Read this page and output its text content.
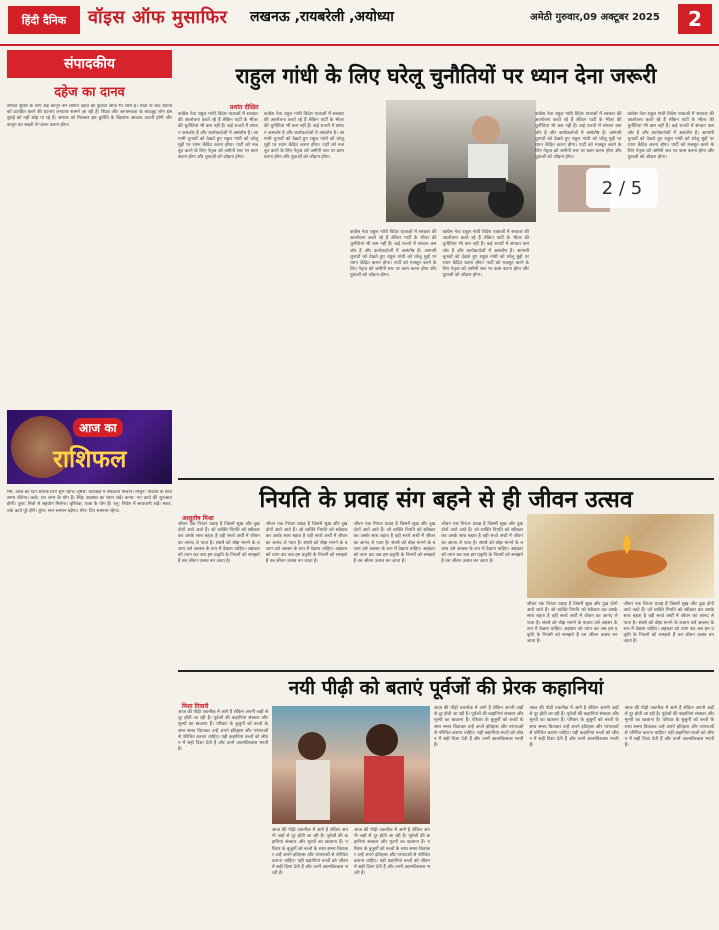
हिंदी दैनिक	वॉइस ऑफ मुसाफिर लखनऊ ,रायबरेली ,अयोध्या	अमेठी गुरुवार,09 अक्टूबर 2025	2
संपादकीय
दहेज का दानव
समाज सुधार के लिए कई कानून बने लेकिन दहेज की कुप्रथा आज भी जारी है। शादी के बाद बेटियों को प्रताड़ित करने की घटनाएं लगातार सामने आ रही हैं। शिक्षा और जागरूकता के बावजूद लोग इस बुराई को नहीं छोड़ पा रहे हैं। समाज को मिलकर इस कुरीति के खिलाफ आवाज उठानी होगी और कानून का सख्ती से पालन करना होगा।
आज का
राशिफल
मेष: आज का दिन आपके लिए शुभ रहेगा। वृषभ: कार्यक्षेत्र में सफलता मिलेगी। मिथुन: परिवार के साथ समय बीतेगा। कर्क: धन लाभ के योग हैं। सिंह: स्वास्थ्य का ध्यान रखें। कन्या: नए कार्य की शुरुआत होगी। तुला: मित्रों से सहयोग मिलेगा। वृश्चिक: यात्रा के योग हैं। धनु: निवेश में सावधानी रखें। मकर: रुके कार्य पूरे होंगे। कुंभ: मान सम्मान बढ़ेगा। मीन: दिन सामान्य रहेगा।
राहुल गांधी के लिए घरेलू चुनौतियों पर ध्यान देना जरूरी
प्रशांत दीक्षित
कांग्रेस नेता राहुल गांधी विदेश यात्राओं में सरकार की आलोचना करते रहे हैं लेकिन पार्टी के भीतर की चुनौतियां भी कम नहीं हैं। कई राज्यों में संगठन कमजोर है और कार्यकर्ताओं में असंतोष है। आगामी चुनावों को देखते हुए राहुल गांधी को घरेलू मुद्दों पर ध्यान केंद्रित करना होगा। पार्टी को मजबूत करने के लिए नेतृत्व को जमीनी स्तर पर काम करना होगा और युवाओं को जोड़ना होगा।
कांग्रेस नेता राहुल गांधी विदेश यात्राओं में सरकार की आलोचना करते रहे हैं लेकिन पार्टी के भीतर की चुनौतियां भी कम नहीं हैं। कई राज्यों में संगठन कमजोर है और कार्यकर्ताओं में असंतोष है। आगामी चुनावों को देखते हुए राहुल गांधी को घरेलू मुद्दों पर ध्यान केंद्रित करना होगा। पार्टी को मजबूत करने के लिए नेतृत्व को जमीनी स्तर पर काम करना होगा और युवाओं को जोड़ना होगा।
कांग्रेस नेता राहुल गांधी विदेश यात्राओं में सरकार की आलोचना करते रहे हैं लेकिन पार्टी के भीतर की चुनौतियां भी कम नहीं हैं। कई राज्यों में संगठन कमजोर है और कार्यकर्ताओं में असंतोष है। आगामी चुनावों को देखते हुए राहुल गांधी को घरेलू मुद्दों पर ध्यान केंद्रित करना होगा। पार्टी को मजबूत करने के लिए नेतृत्व को जमीनी स्तर पर काम करना होगा और युवाओं को जोड़ना होगा।
कांग्रेस नेता राहुल गांधी विदेश यात्राओं में सरकार की आलोचना करते रहे हैं लेकिन पार्टी के भीतर की चुनौतियां भी कम नहीं हैं। कई राज्यों में संगठन कमजोर है और कार्यकर्ताओं में असंतोष है। आगामी चुनावों को देखते हुए राहुल गांधी को घरेलू मुद्दों पर ध्यान केंद्रित करना होगा। पार्टी को मजबूत करने के लिए नेतृत्व को जमीनी स्तर पर काम करना होगा और युवाओं को जोड़ना होगा।
कांग्रेस नेता राहुल गांधी विदेश यात्राओं में सरकार की आलोचना करते रहे हैं लेकिन पार्टी के भीतर की चुनौतियां भी कम नहीं हैं। कई राज्यों में संगठन कमजोर है और कार्यकर्ताओं में असंतोष है। आगामी चुनावों को देखते हुए राहुल गांधी को घरेलू मुद्दों पर ध्यान केंद्रित करना होगा। पार्टी को मजबूत करने के लिए नेतृत्व को जमीनी स्तर पर काम करना होगा और युवाओं को जोड़ना होगा।
कांग्रेस नेता राहुल गांधी विदेश यात्राओं में सरकार की आलोचना करते रहे हैं लेकिन पार्टी के भीतर की चुनौतियां भी कम नहीं हैं। कई राज्यों में संगठन कमजोर है और कार्यकर्ताओं में असंतोष है। आगामी चुनावों को देखते हुए राहुल गांधी को घरेलू मुद्दों पर ध्यान केंद्रित करना होगा। पार्टी को मजबूत करने के लिए नेतृत्व को जमीनी स्तर पर काम करना होगा और युवाओं को जोड़ना होगा।
2 / 5
नियति के प्रवाह संग बहने से ही जीवन उत्सव
आशुतोष मिश्रा
जीवन एक निरंतर प्रवाह है जिसमें सुख और दुख दोनों आते जाते हैं। जो व्यक्ति नियति को स्वीकार कर उसके साथ बहता है वही सच्चे अर्थों में जीवन का आनंद ले पाता है। संघर्ष को बोझ मानने के बजाय उसे अवसर के रूप में देखना चाहिए। अहंकार को त्याग कर जब हम प्रकृति के नियमों को समझते हैं तब जीवन उत्सव बन जाता है।
जीवन एक निरंतर प्रवाह है जिसमें सुख और दुख दोनों आते जाते हैं। जो व्यक्ति नियति को स्वीकार कर उसके साथ बहता है वही सच्चे अर्थों में जीवन का आनंद ले पाता है। संघर्ष को बोझ मानने के बजाय उसे अवसर के रूप में देखना चाहिए। अहंकार को त्याग कर जब हम प्रकृति के नियमों को समझते हैं तब जीवन उत्सव बन जाता है।
जीवन एक निरंतर प्रवाह है जिसमें सुख और दुख दोनों आते जाते हैं। जो व्यक्ति नियति को स्वीकार कर उसके साथ बहता है वही सच्चे अर्थों में जीवन का आनंद ले पाता है। संघर्ष को बोझ मानने के बजाय उसे अवसर के रूप में देखना चाहिए। अहंकार को त्याग कर जब हम प्रकृति के नियमों को समझते हैं तब जीवन उत्सव बन जाता है।
जीवन एक निरंतर प्रवाह है जिसमें सुख और दुख दोनों आते जाते हैं। जो व्यक्ति नियति को स्वीकार कर उसके साथ बहता है वही सच्चे अर्थों में जीवन का आनंद ले पाता है। संघर्ष को बोझ मानने के बजाय उसे अवसर के रूप में देखना चाहिए। अहंकार को त्याग कर जब हम प्रकृति के नियमों को समझते हैं तब जीवन उत्सव बन जाता है।
जीवन एक निरंतर प्रवाह है जिसमें सुख और दुख दोनों आते जाते हैं। जो व्यक्ति नियति को स्वीकार कर उसके साथ बहता है वही सच्चे अर्थों में जीवन का आनंद ले पाता है। संघर्ष को बोझ मानने के बजाय उसे अवसर के रूप में देखना चाहिए। अहंकार को त्याग कर जब हम प्रकृति के नियमों को समझते हैं तब जीवन उत्सव बन जाता है।
जीवन एक निरंतर प्रवाह है जिसमें सुख और दुख दोनों आते जाते हैं। जो व्यक्ति नियति को स्वीकार कर उसके साथ बहता है वही सच्चे अर्थों में जीवन का आनंद ले पाता है। संघर्ष को बोझ मानने के बजाय उसे अवसर के रूप में देखना चाहिए। अहंकार को त्याग कर जब हम प्रकृति के नियमों को समझते हैं तब जीवन उत्सव बन जाता है।
नयी पीढ़ी को बताएं पूर्वजों की प्रेरक कहानियां
निशा तिवारी
आज की पीढ़ी तकनीक में आगे है लेकिन अपनी जड़ों से दूर होती जा रही है। पूर्वजों की कहानियां संस्कार और मूल्यों का खजाना हैं। परिवार के बुजुर्गों को बच्चों के साथ समय बिताकर उन्हें अपने इतिहास और परंपराओं से परिचित कराना चाहिए। यही कहानियां बच्चों को जीवन में सही दिशा देती हैं और उनमें आत्मविश्वास भरती हैं।
आज की पीढ़ी तकनीक में आगे है लेकिन अपनी जड़ों से दूर होती जा रही है। पूर्वजों की कहानियां संस्कार और मूल्यों का खजाना हैं। परिवार के बुजुर्गों को बच्चों के साथ समय बिताकर उन्हें अपने इतिहास और परंपराओं से परिचित कराना चाहिए। यही कहानियां बच्चों को जीवन में सही दिशा देती हैं और उनमें आत्मविश्वास भरती हैं।
आज की पीढ़ी तकनीक में आगे है लेकिन अपनी जड़ों से दूर होती जा रही है। पूर्वजों की कहानियां संस्कार और मूल्यों का खजाना हैं। परिवार के बुजुर्गों को बच्चों के साथ समय बिताकर उन्हें अपने इतिहास और परंपराओं से परिचित कराना चाहिए। यही कहानियां बच्चों को जीवन में सही दिशा देती हैं और उनमें आत्मविश्वास भरती हैं।
आज की पीढ़ी तकनीक में आगे है लेकिन अपनी जड़ों से दूर होती जा रही है। पूर्वजों की कहानियां संस्कार और मूल्यों का खजाना हैं। परिवार के बुजुर्गों को बच्चों के साथ समय बिताकर उन्हें अपने इतिहास और परंपराओं से परिचित कराना चाहिए। यही कहानियां बच्चों को जीवन में सही दिशा देती हैं और उनमें आत्मविश्वास भरती हैं।
आज की पीढ़ी तकनीक में आगे है लेकिन अपनी जड़ों से दूर होती जा रही है। पूर्वजों की कहानियां संस्कार और मूल्यों का खजाना हैं। परिवार के बुजुर्गों को बच्चों के साथ समय बिताकर उन्हें अपने इतिहास और परंपराओं से परिचित कराना चाहिए। यही कहानियां बच्चों को जीवन में सही दिशा देती हैं और उनमें आत्मविश्वास भरती हैं।
आज की पीढ़ी तकनीक में आगे है लेकिन अपनी जड़ों से दूर होती जा रही है। पूर्वजों की कहानियां संस्कार और मूल्यों का खजाना हैं। परिवार के बुजुर्गों को बच्चों के साथ समय बिताकर उन्हें अपने इतिहास और परंपराओं से परिचित कराना चाहिए। यही कहानियां बच्चों को जीवन में सही दिशा देती हैं और उनमें आत्मविश्वास भरती हैं।
